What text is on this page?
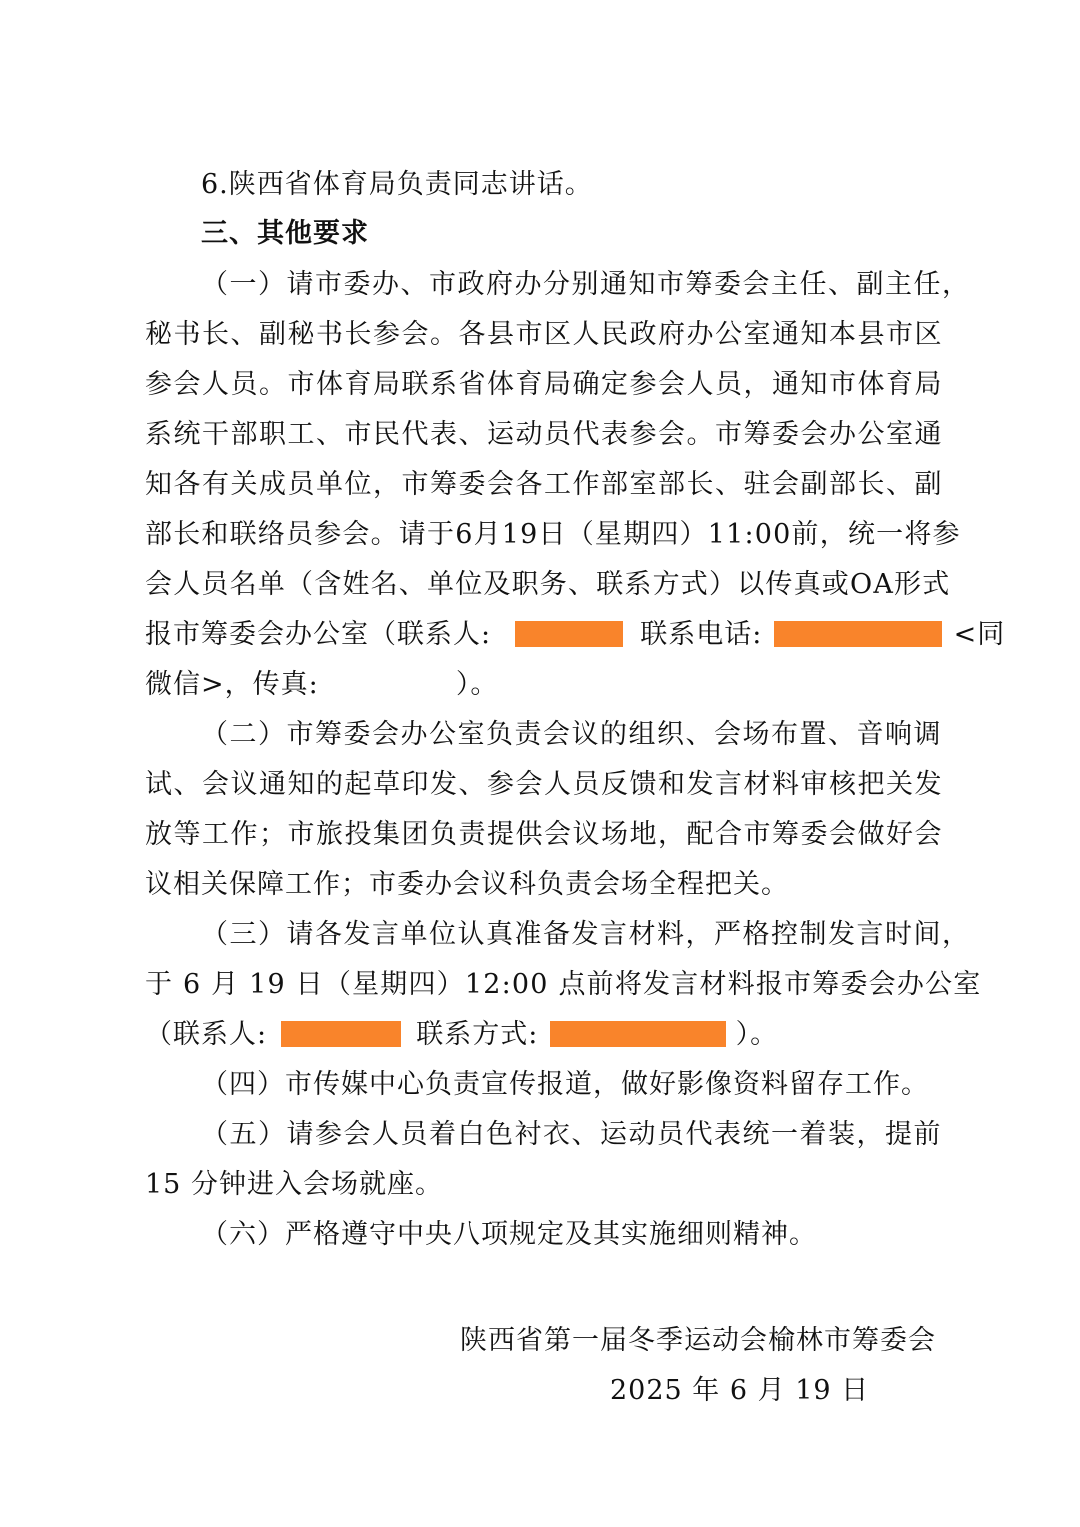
6.陕西省体育局负责同志讲话。
三、其他要求
（一）请市委办、市政府办分别通知市筹委会主任、副主任，
秘书长、副秘书长参会。各县市区人民政府办公室通知本县市区
参会人员。市体育局联系省体育局确定参会人员，通知市体育局
系统干部职工、市民代表、运动员代表参会。市筹委会办公室通
知各有关成员单位，市筹委会各工作部室部长、驻会副部长、副
部长和联络员参会。请于6月19日（星期四）11:00前，统一将参
会人员名单（含姓名、单位及职务、联系方式）以传真或OA形式
报市筹委会办公室（联系人:	联系电话:	<同
微信>，传真:	）。
（二）市筹委会办公室负责会议的组织、会场布置、音响调
试、会议通知的起草印发、参会人员反馈和发言材料审核把关发
放等工作；市旅投集团负责提供会议场地，配合市筹委会做好会
议相关保障工作；市委办会议科负责会场全程把关。
（三）请各发言单位认真准备发言材料，严格控制发言时间，
于 6 月 19 日（星期四）12:00 点前将发言材料报市筹委会办公室
（联系人:	联系方式:	）。
（四）市传媒中心负责宣传报道，做好影像资料留存工作。
（五）请参会人员着白色衬衣、运动员代表统一着装，提前
15 分钟进入会场就座。
（六）严格遵守中央八项规定及其实施细则精神。
陕西省第一届冬季运动会榆林市筹委会
2025 年 6 月 19 日
